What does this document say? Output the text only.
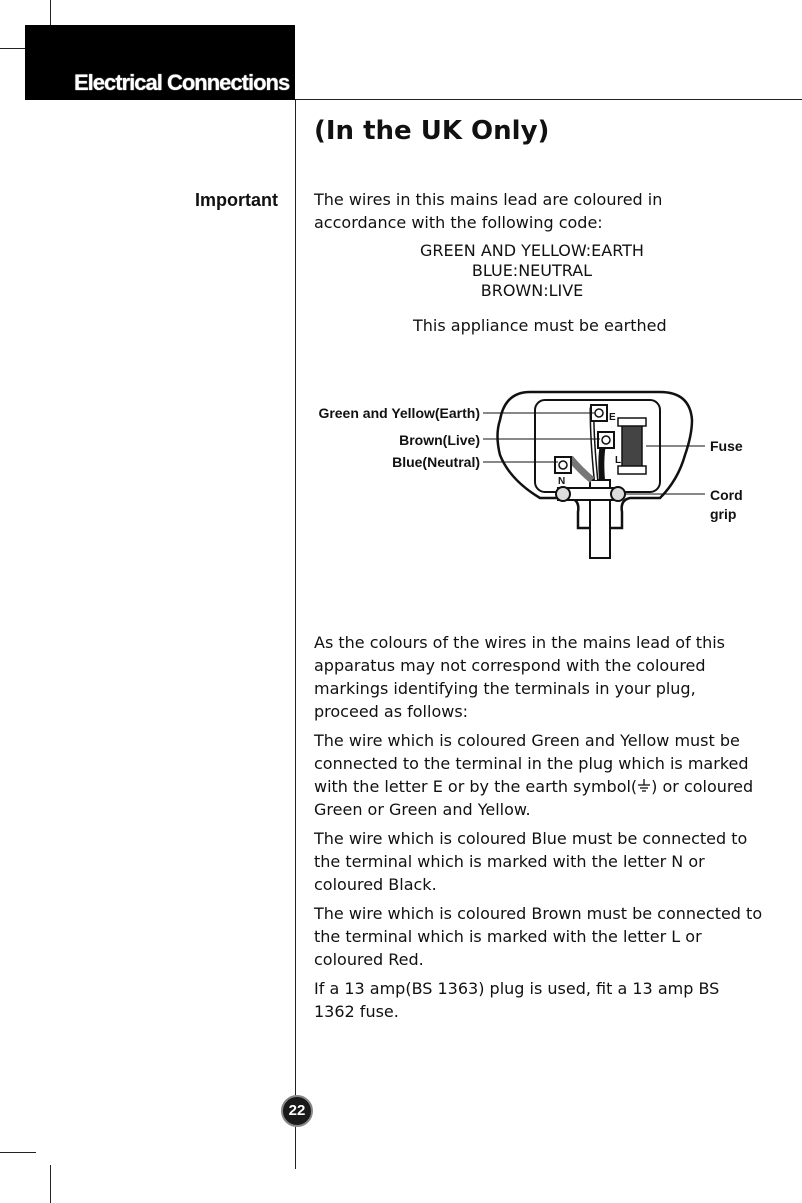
Electrical Connections
(In the UK Only)
Important The wires in this mains lead are coloured in accordance with the following code:
GREEN AND YELLOW:EARTH
BLUE:NEUTRAL
BROWN:LIVE
This appliance must be earthed
E
L
N
Green and Yellow(Earth)
Brown(Live)
Blue(Neutral)
Fuse
Cord
grip

As the colours of the wires in the mains lead of this apparatus may not correspond with the coloured markings identifying the terminals in your plug, proceed as follows:

The wire which is coloured Green and Yellow must be connected to the terminal in the plug which is marked with the letter E or by the earth symbol( ) or coloured Green or Green and Yellow.

The wire which is coloured Blue must be connected to the terminal which is marked with the letter N or coloured Black.

The wire which is coloured Brown must be connected to the terminal which is marked with the letter L or coloured Red.

If a 13 amp(BS 1363) plug is used, fit a 13 amp BS 1362 fuse.

22
